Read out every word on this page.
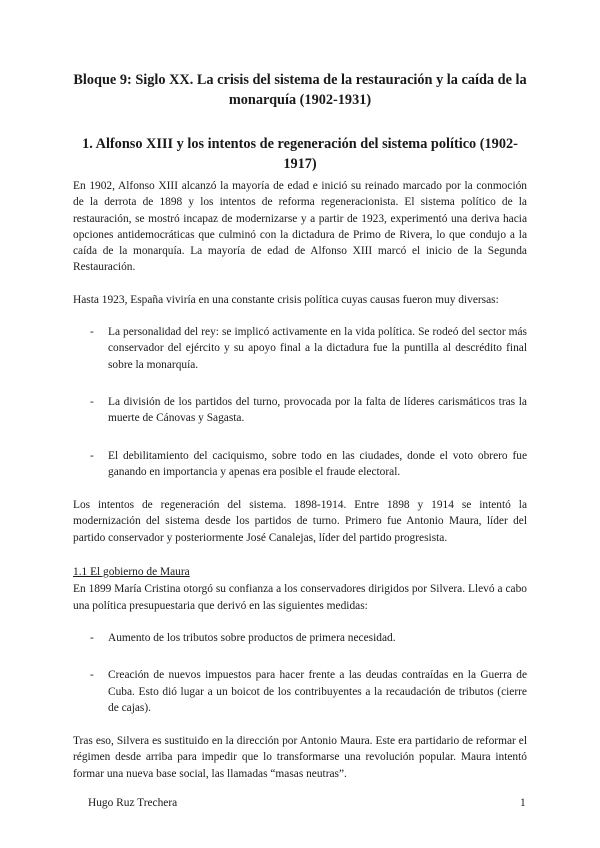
Bloque 9: Siglo XX. La crisis del sistema de la restauración y la caída de la monarquía (1902-1931)
1. Alfonso XIII y los intentos de regeneración del sistema político (1902-1917)

En 1902, Alfonso XIII alcanzó la mayoría de edad e inició su reinado marcado por la conmoción de la derrota de 1898 y los intentos de reforma regeneracionista. El sistema político de la restauración, se mostró incapaz de modernizarse y a partir de 1923, experimentó una deriva hacia opciones antidemocráticas que culminó con la dictadura de Primo de Rivera, lo que condujo a la caída de la monarquía. La mayoría de edad de Alfonso XIII marcó el inicio de la Segunda Restauración.

Hasta 1923, España viviría en una constante crisis política cuyas causas fueron muy diversas:

- La personalidad del rey: se implicó activamente en la vida política. Se rodeó del sector más conservador del ejército y su apoyo final a la dictadura fue la puntilla al descrédito final sobre la monarquía.
- La división de los partidos del turno, provocada por la falta de líderes carismáticos tras la muerte de Cánovas y Sagasta.
- El debilitamiento del caciquismo, sobre todo en las ciudades, donde el voto obrero fue ganando en importancia y apenas era posible el fraude electoral.

Los intentos de regeneración del sistema. 1898-1914. Entre 1898 y 1914 se intentó la modernización del sistema desde los partidos de turno. Primero fue Antonio Maura, líder del partido conservador y posteriormente José Canalejas, líder del partido progresista.

1.1 El gobierno de Maura

En 1899 María Cristina otorgó su confianza a los conservadores dirigidos por Silvera. Llevó a cabo una política presupuestaria que derivó en las siguientes medidas:

- Aumento de los tributos sobre productos de primera necesidad.
- Creación de nuevos impuestos para hacer frente a las deudas contraídas en la Guerra de Cuba. Esto dió lugar a un boicot de los contribuyentes a la recaudación de tributos (cierre de cajas).

Tras eso, Silvera es sustituido en la dirección por Antonio Maura. Este era partidario de reformar el régimen desde arriba para impedir que lo transformarse una revolución popular. Maura intentó formar una nueva base social, las llamadas “masas neutras”.

Hugo Ruz Trechera	1
